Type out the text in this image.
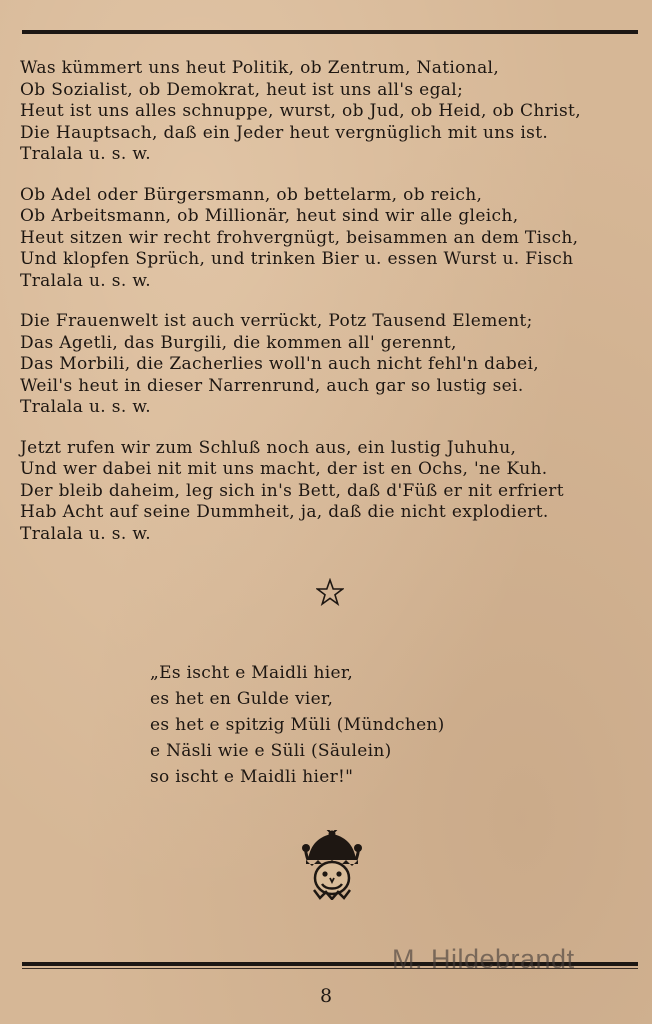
Was kümmert uns heut Politik, ob Zentrum, National,
Ob Sozialist, ob Demokrat, heut ist uns all's egal;
Heut ist uns alles schnuppe, wurst, ob Jud, ob Heid, ob Christ,
Die Hauptsach, daß ein Jeder heut vergnüglich mit uns ist.
Tralala u. s. w.
Ob Adel oder Bürgersmann, ob bettelarm, ob reich,
Ob Arbeitsmann, ob Millionär, heut sind wir alle gleich,
Heut sitzen wir recht frohvergnügt, beisammen an dem Tisch,
Und klopfen Sprüch, und trinken Bier u. essen Wurst u. Fisch
Tralala u. s. w.
Die Frauenwelt ist auch verrückt, Potz Tausend Element;
Das Agetli, das Burgili, die kommen all' gerennt,
Das Morbili, die Zacherlies woll'n auch nicht fehl'n dabei,
Weil's heut in dieser Narrenrund, auch gar so lustig sei.
Tralala u. s. w.
Jetzt rufen wir zum Schluß noch aus, ein lustig Juhuhu,
Und wer dabei nit mit uns macht, der ist en Ochs, 'ne Kuh.
Der bleib daheim, leg sich in's Bett, daß d'Füß er nit erfriert
Hab Acht auf seine Dummheit, ja, daß die nicht explodiert.
Tralala u. s. w.
„Es ischt e Maidli hier,
es het en Gulde vier,
es het e spitzig Müli (Mündchen)
e Näsli wie e Süli (Säulein)
so ischt e Maidli hier!"
M. Hildebrandt
8
